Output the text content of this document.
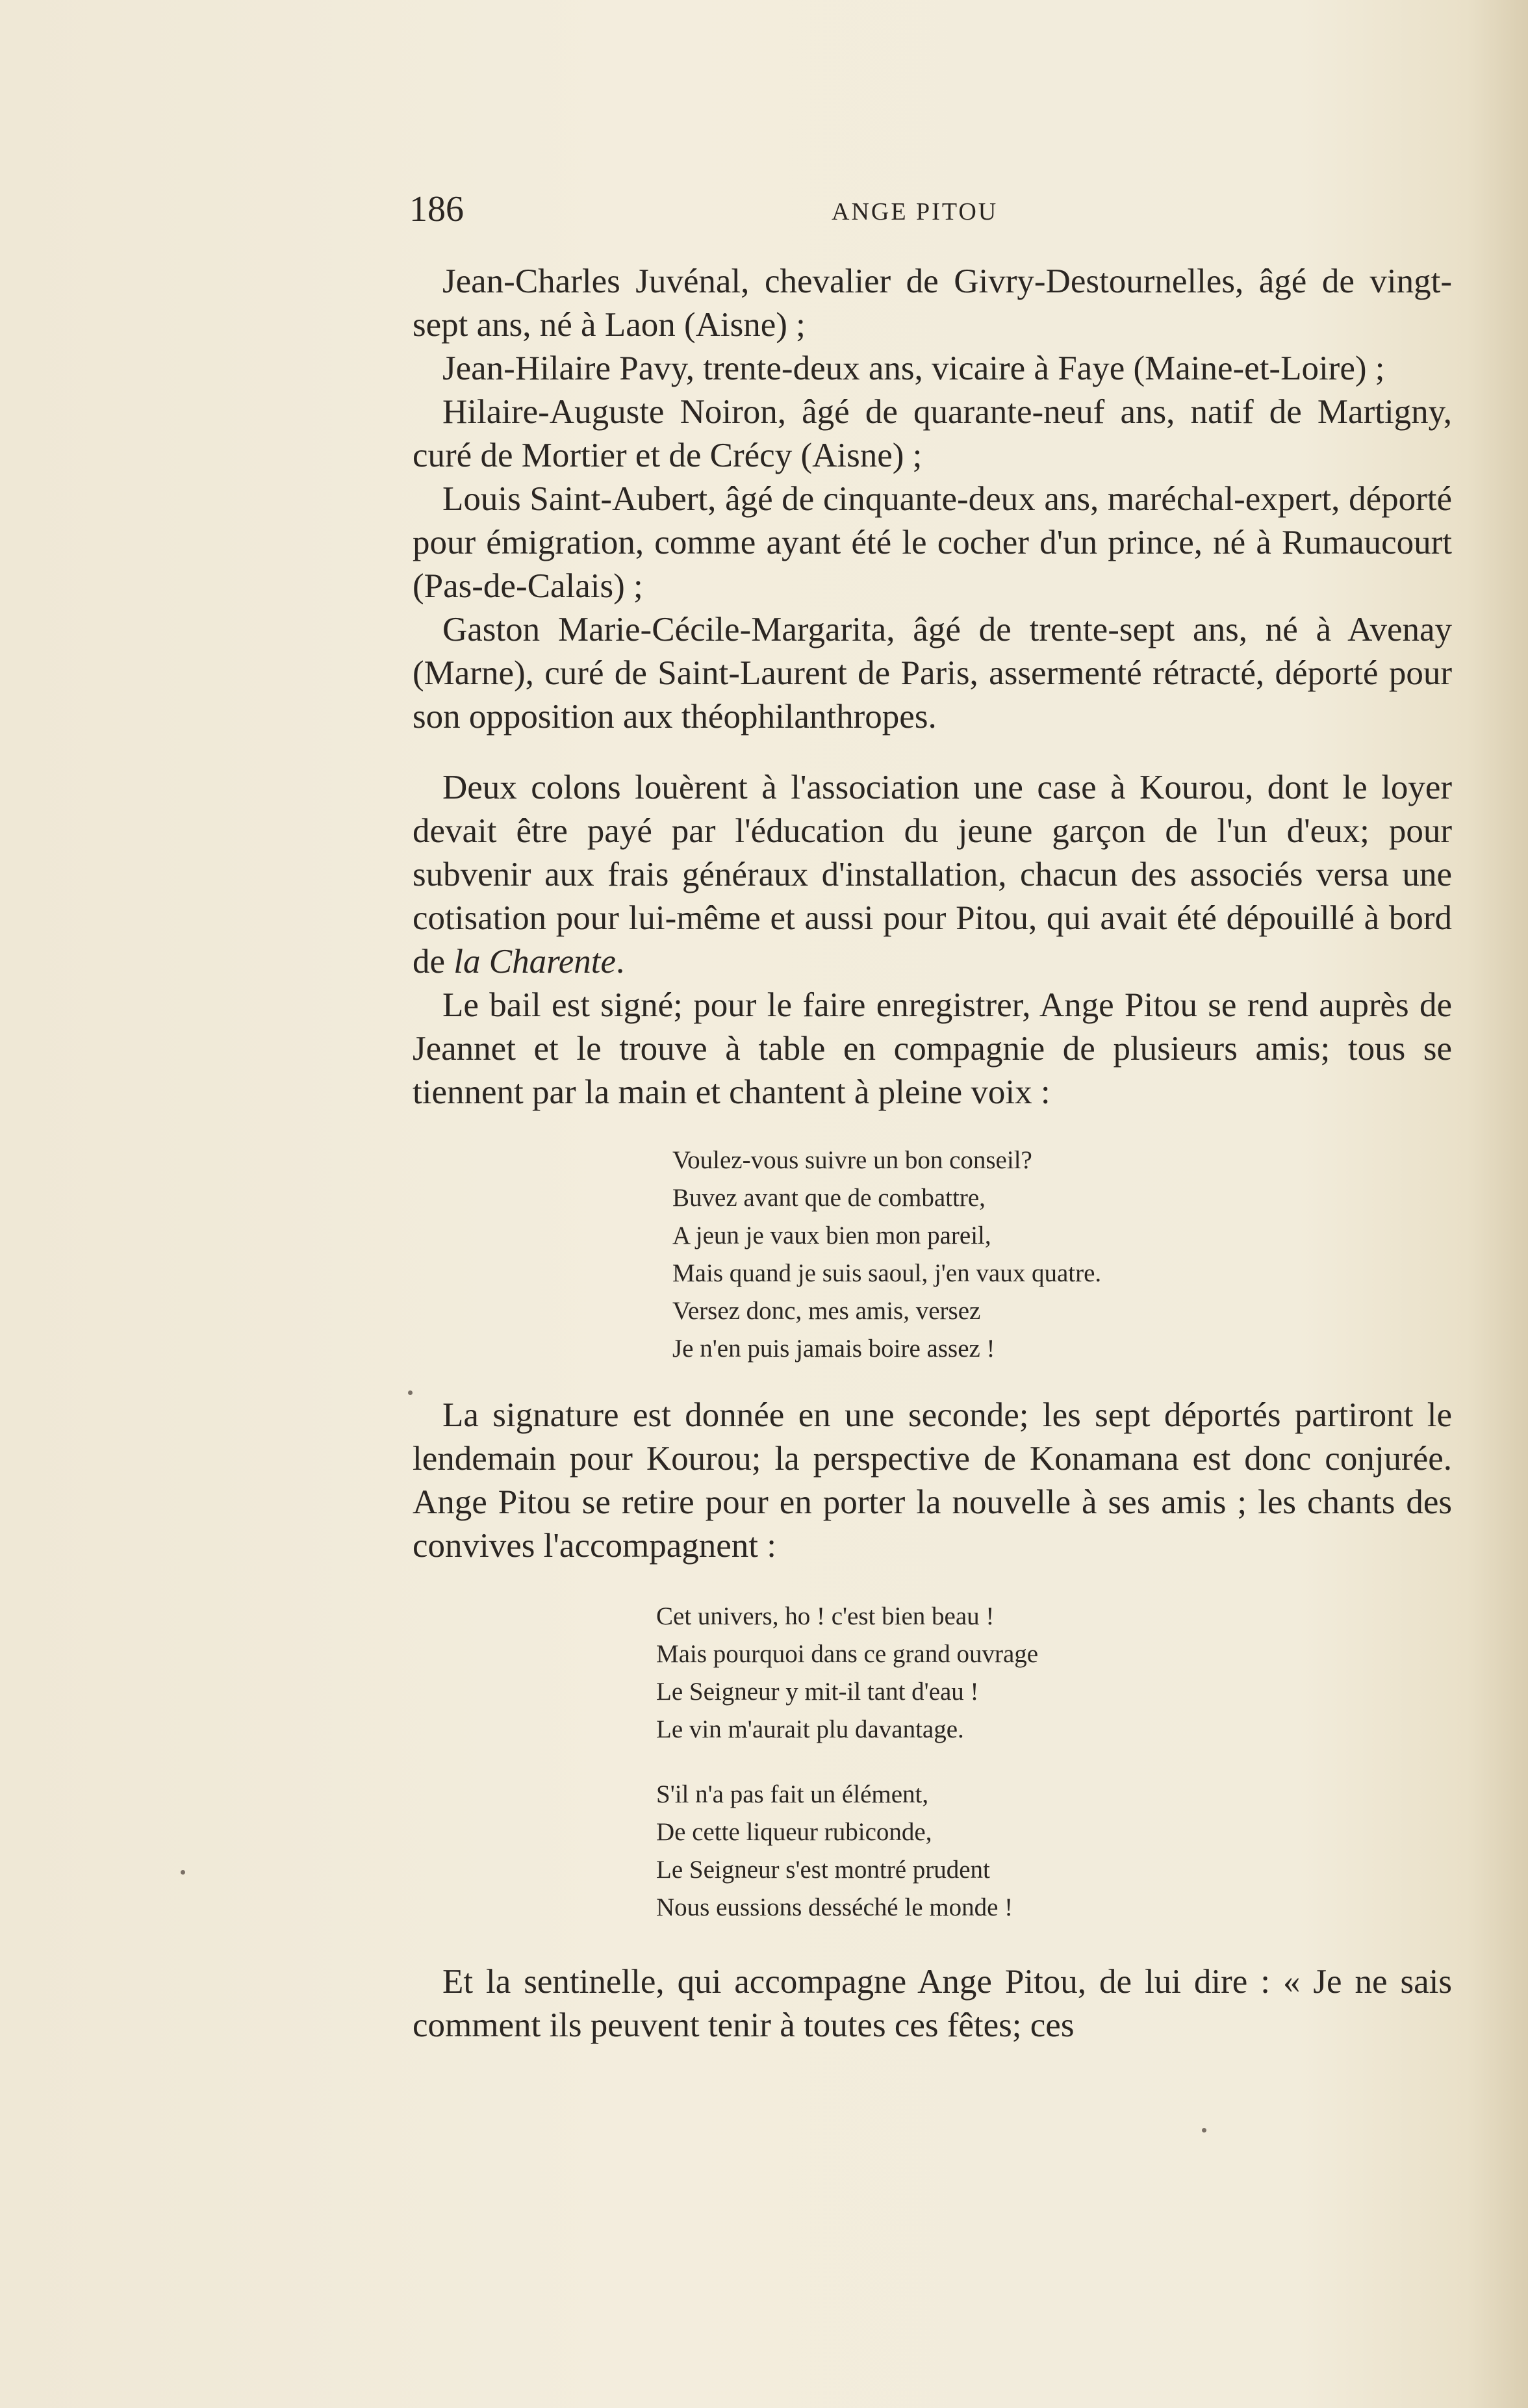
186	ANGE PITOU

Jean-Charles Juvénal, chevalier de Givry-Destournelles, âgé de vingt-sept ans, né à Laon (Aisne) ;

Jean-Hilaire Pavy, trente-deux ans, vicaire à Faye (Maine-et-Loire) ;

Hilaire-Auguste Noiron, âgé de quarante-neuf ans, natif de Martigny, curé de Mortier et de Crécy (Aisne) ;

Louis Saint-Aubert, âgé de cinquante-deux ans, maréchal-expert, déporté pour émigration, comme ayant été le cocher d'un prince, né à Rumaucourt (Pas-de-Calais) ;

Gaston Marie-Cécile-Margarita, âgé de trente-sept ans, né à Avenay (Marne), curé de Saint-Laurent de Paris, assermenté rétracté, déporté pour son opposition aux théophilanthropes.

Deux colons louèrent à l'association une case à Kourou, dont le loyer devait être payé par l'éducation du jeune garçon de l'un d'eux; pour subvenir aux frais généraux d'installation, chacun des associés versa une cotisation pour lui-même et aussi pour Pitou, qui avait été dépouillé à bord de la Charente.

Le bail est signé; pour le faire enregistrer, Ange Pitou se rend auprès de Jeannet et le trouve à table en compagnie de plusieurs amis; tous se tiennent par la main et chantent à pleine voix :

Voulez-vous suivre un bon conseil?
Buvez avant que de combattre,
A jeun je vaux bien mon pareil,
Mais quand je suis saoul, j'en vaux quatre.
Versez donc, mes amis, versez
Je n'en puis jamais boire assez !

La signature est donnée en une seconde; les sept déportés partiront le lendemain pour Kourou; la perspective de Konamana est donc conjurée. Ange Pitou se retire pour en porter la nouvelle à ses amis ; les chants des convives l'accompagnent :

Cet univers, ho ! c'est bien beau !
Mais pourquoi dans ce grand ouvrage
Le Seigneur y mit-il tant d'eau !
Le vin m'aurait plu davantage.
S'il n'a pas fait un élément,
De cette liqueur rubiconde,
Le Seigneur s'est montré prudent
Nous eussions desséché le monde !

Et la sentinelle, qui accompagne Ange Pitou, de lui dire : « Je ne sais comment ils peuvent tenir à toutes ces fêtes; ces
